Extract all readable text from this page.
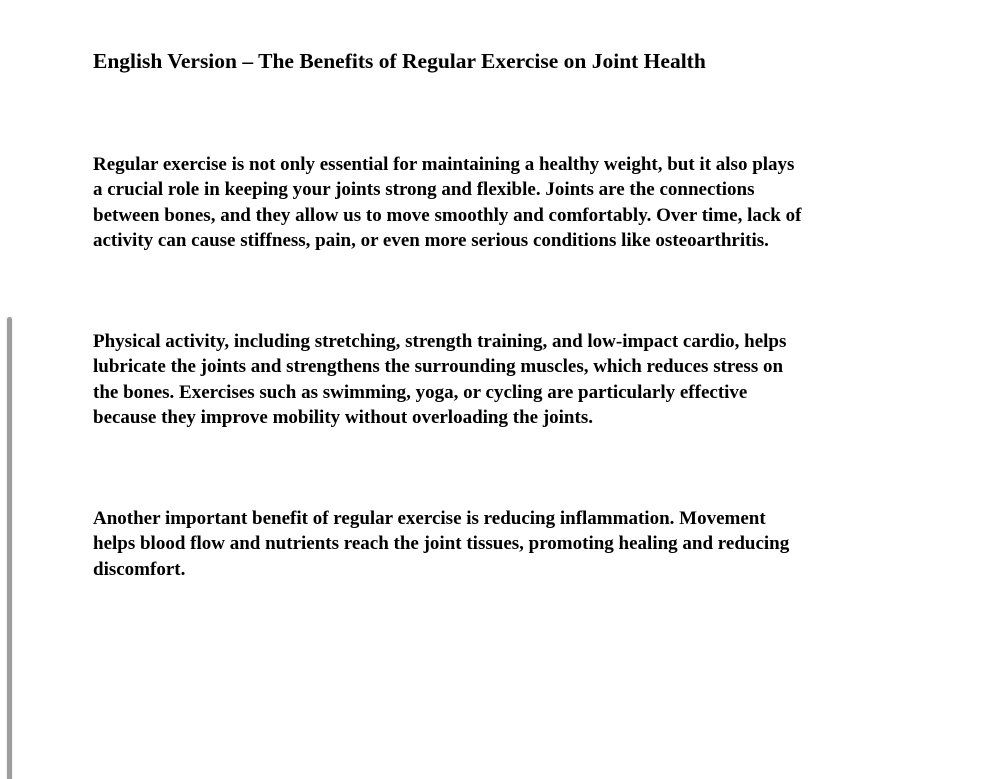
English Version – The Benefits of Regular Exercise on Joint Health

Regular exercise is not only essential for maintaining a healthy weight, but it also plays
a crucial role in keeping your joints strong and flexible. Joints are the connections
between bones, and they allow us to move smoothly and comfortably. Over time, lack of
activity can cause stiffness, pain, or even more serious conditions like osteoarthritis.

Physical activity, including stretching, strength training, and low-impact cardio, helps
lubricate the joints and strengthens the surrounding muscles, which reduces stress on
the bones. Exercises such as swimming, yoga, or cycling are particularly effective
because they improve mobility without overloading the joints.

Another important benefit of regular exercise is reducing inflammation. Movement
helps blood flow and nutrients reach the joint tissues, promoting healing and reducing
discomfort.
